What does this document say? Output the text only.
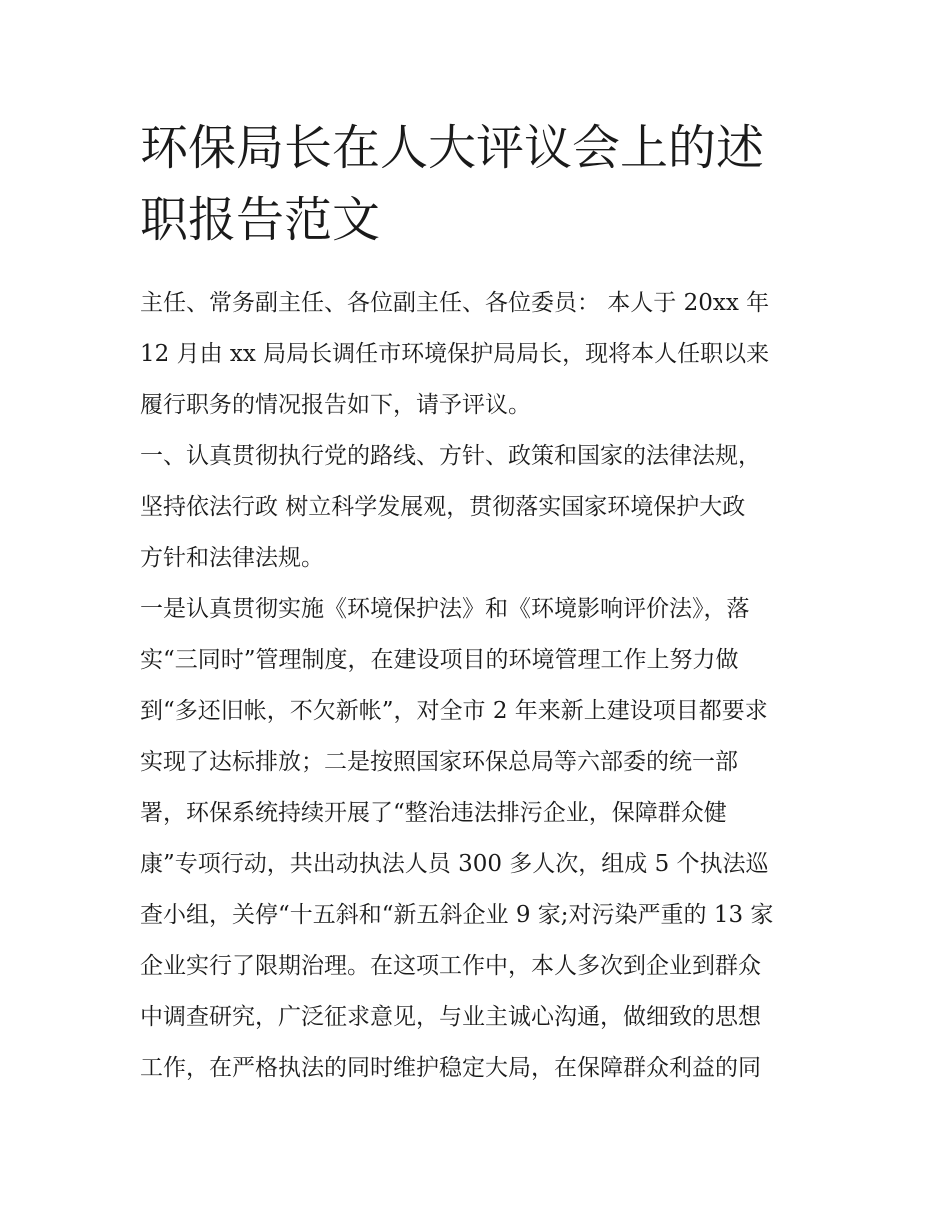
环保局长在人大评议会上的述
职报告范文
主任、常务副主任、各位副主任、各位委员： 本人于 20xx 年
12 月由 xx 局局长调任市环境保护局局长，现将本人任职以来
履行职务的情况报告如下，请予评议。
一、认真贯彻执行党的路线、方针、政策和国家的法律法规，
坚持依法行政 树立科学发展观，贯彻落实国家环境保护大政
方针和法律法规。
一是认真贯彻实施《环境保护法》和《环境影响评价法》，落
实“三同时”管理制度，在建设项目的环境管理工作上努力做
到“多还旧帐，不欠新帐”，对全市 2 年来新上建设项目都要求
实现了达标排放；二是按照国家环保总局等六部委的统一部
署，环保系统持续开展了“整治违法排污企业，保障群众健
康”专项行动，共出动执法人员 300 多人次，组成 5 个执法巡
查小组，关停“十五斜和“新五斜企业 9 家;对污染严重的 13 家
企业实行了限期治理。在这项工作中，本人多次到企业到群众
中调查研究，广泛征求意见，与业主诚心沟通，做细致的思想
工作，在严格执法的同时维护稳定大局，在保障群众利益的同
